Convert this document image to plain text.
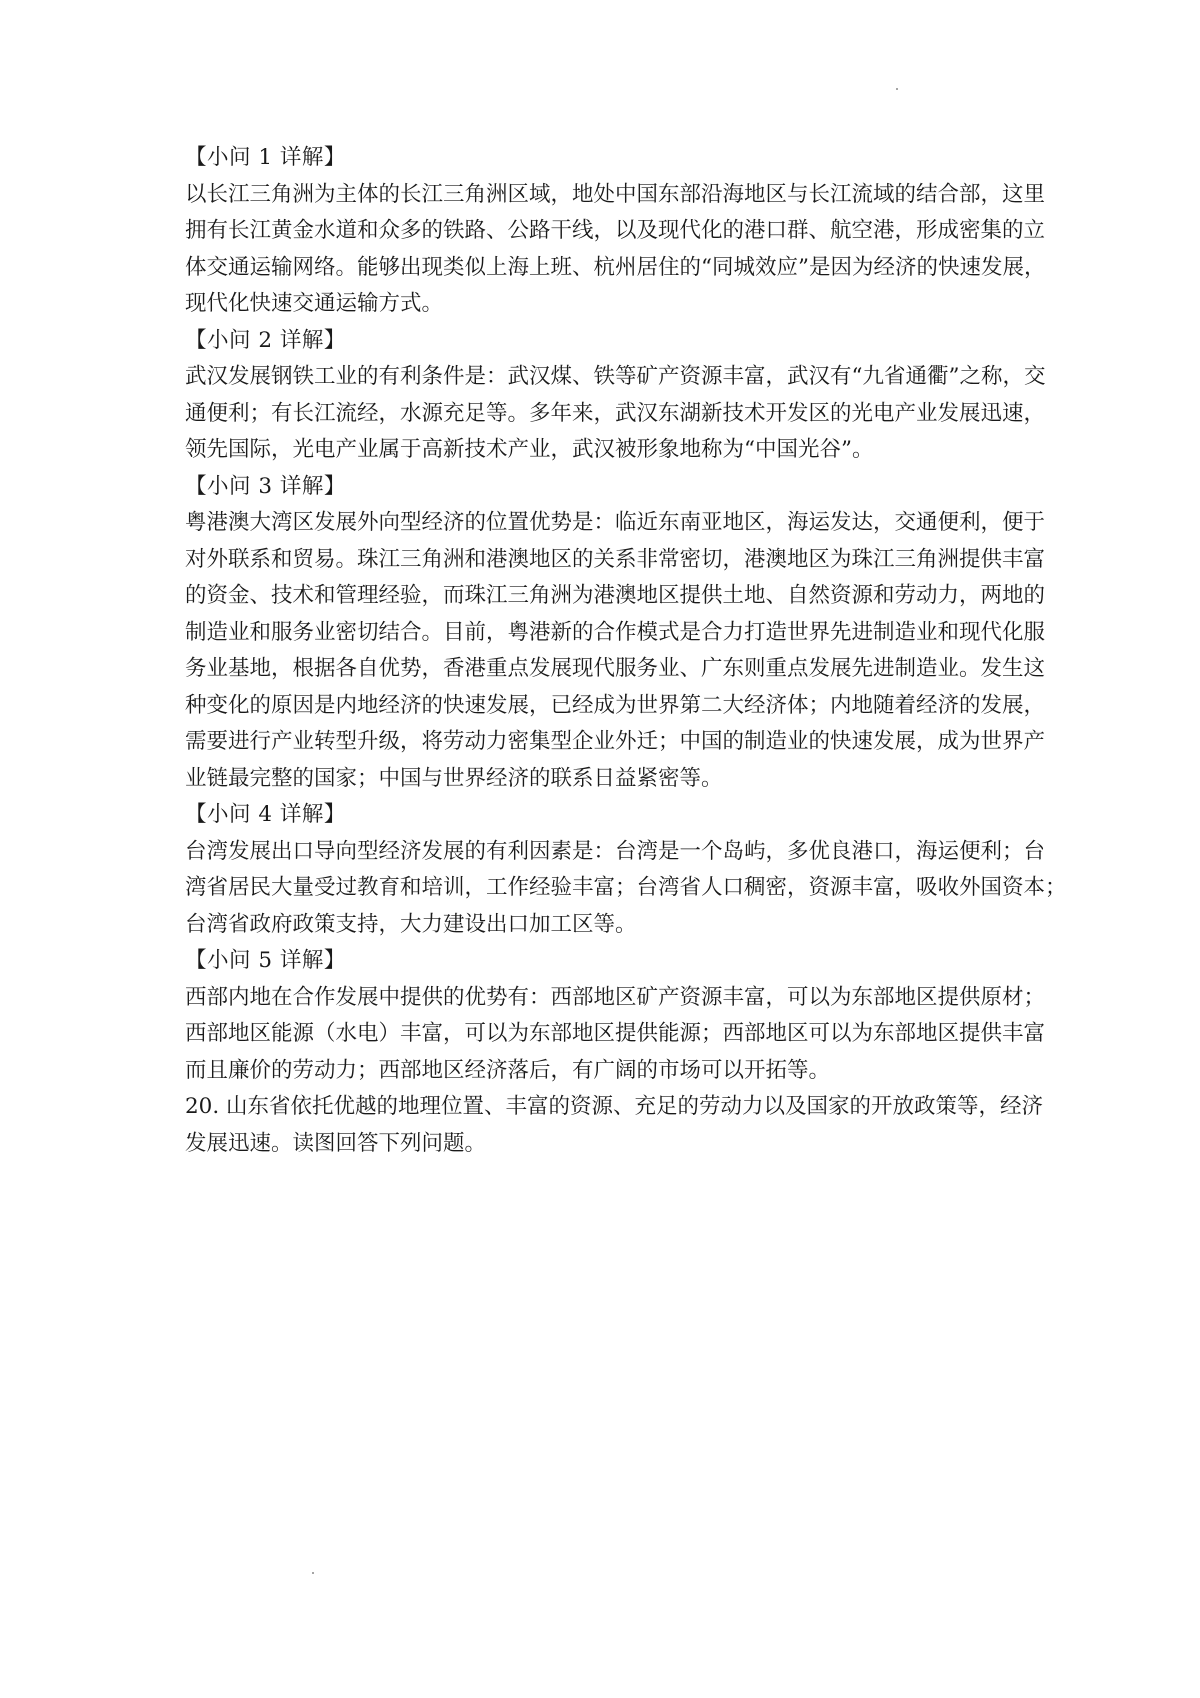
【小问 1 详解】
以长江三角洲为主体的长江三角洲区域，地处中国东部沿海地区与长江流域的结合部，这里
拥有长江黄金水道和众多的铁路、公路干线，以及现代化的港口群、航空港，形成密集的立
体交通运输网络。能够出现类似上海上班、杭州居住的“同城效应”是因为经济的快速发展，
现代化快速交通运输方式。
【小问 2 详解】
武汉发展钢铁工业的有利条件是：武汉煤、铁等矿产资源丰富，武汉有“九省通衢”之称，交
通便利；有长江流经，水源充足等。多年来，武汉东湖新技术开发区的光电产业发展迅速，
领先国际，光电产业属于高新技术产业，武汉被形象地称为“中国光谷”。
【小问 3 详解】
粤港澳大湾区发展外向型经济的位置优势是：临近东南亚地区，海运发达，交通便利，便于
对外联系和贸易。珠江三角洲和港澳地区的关系非常密切，港澳地区为珠江三角洲提供丰富
的资金、技术和管理经验，而珠江三角洲为港澳地区提供土地、自然资源和劳动力，两地的
制造业和服务业密切结合。目前，粤港新的合作模式是合力打造世界先进制造业和现代化服
务业基地，根据各自优势，香港重点发展现代服务业、广东则重点发展先进制造业。发生这
种变化的原因是内地经济的快速发展，已经成为世界第二大经济体；内地随着经济的发展，
需要进行产业转型升级，将劳动力密集型企业外迁；中国的制造业的快速发展，成为世界产
业链最完整的国家；中国与世界经济的联系日益紧密等。
【小问 4 详解】
台湾发展出口导向型经济发展的有利因素是：台湾是一个岛屿，多优良港口，海运便利；台
湾省居民大量受过教育和培训，工作经验丰富；台湾省人口稠密，资源丰富，吸收外国资本；
台湾省政府政策支持，大力建设出口加工区等。
【小问 5 详解】
西部内地在合作发展中提供的优势有：西部地区矿产资源丰富，可以为东部地区提供原材；
西部地区能源（水电）丰富，可以为东部地区提供能源；西部地区可以为东部地区提供丰富
而且廉价的劳动力；西部地区经济落后，有广阔的市场可以开拓等。
20. 山东省依托优越的地理位置、丰富的资源、充足的劳动力以及国家的开放政策等，经济
发展迅速。读图回答下列问题。
